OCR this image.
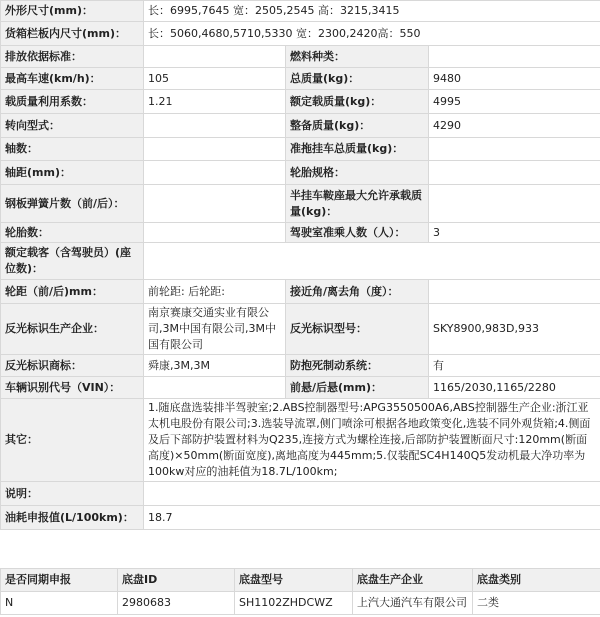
外形尺寸(mm)：	长：6995,7645 宽：2505,2545 高：3215,3415		
货箱栏板内尺寸(mm)：	长：5060,4680,5710,5330 宽：2300,2420高：550		
排放依据标准：		燃料种类：	
最高车速(km/h)：	105	总质量(kg)：	9480
载质量利用系数：	1.21	额定载质量(kg)：	4995
转向型式：		整备质量(kg)：	4290
轴数：		准拖挂车总质量(kg)：	
轴距(mm)：		轮胎规格：	
钢板弹簧片数（前/后）：		半挂车鞍座最大允许承载质量(kg)：	
轮胎数：		驾驶室准乘人数（人）：	3
额定载客（含驾驶员）(座位数)：			
轮距（前/后)mm：	前轮距: 后轮距:	接近角/离去角（度）：	
反光标识生产企业：	南京赛康交通实业有限公司,3M中国有限公司,3M中国有限公司	反光标识型号：	SKY8900,983D,933
反光标识商标：	舜康,3M,3M	防抱死制动系统：	有
车辆识别代号（VIN）：		前悬/后悬(mm)：	1165/2030,1165/2280
其它：	1.随底盘选装排半驾驶室;2.ABS控制器型号:APG3550500A6,ABS控制器生产企业:浙江亚太机电股份有限公司;3.选装导流罩,侧门喷涂可根据各地政策变化,选装不同外观货箱;4.侧面及后下部防护装置材料为Q235,连接方式为螺栓连接,后部防护装置断面尺寸:120mm(断面高度)×50mm(断面宽度),离地高度为445mm;5.仅装配SC4H140Q5发动机最大净功率为100kw对应的油耗值为18.7L/100km;		
说明：			
油耗申报值(L/100km)：	18.7		
是否同期申报	底盘ID	底盘型号	底盘生产企业	底盘类别
N	2980683	SH1102ZHDCWZ	上汽大通汽车有限公司	二类
